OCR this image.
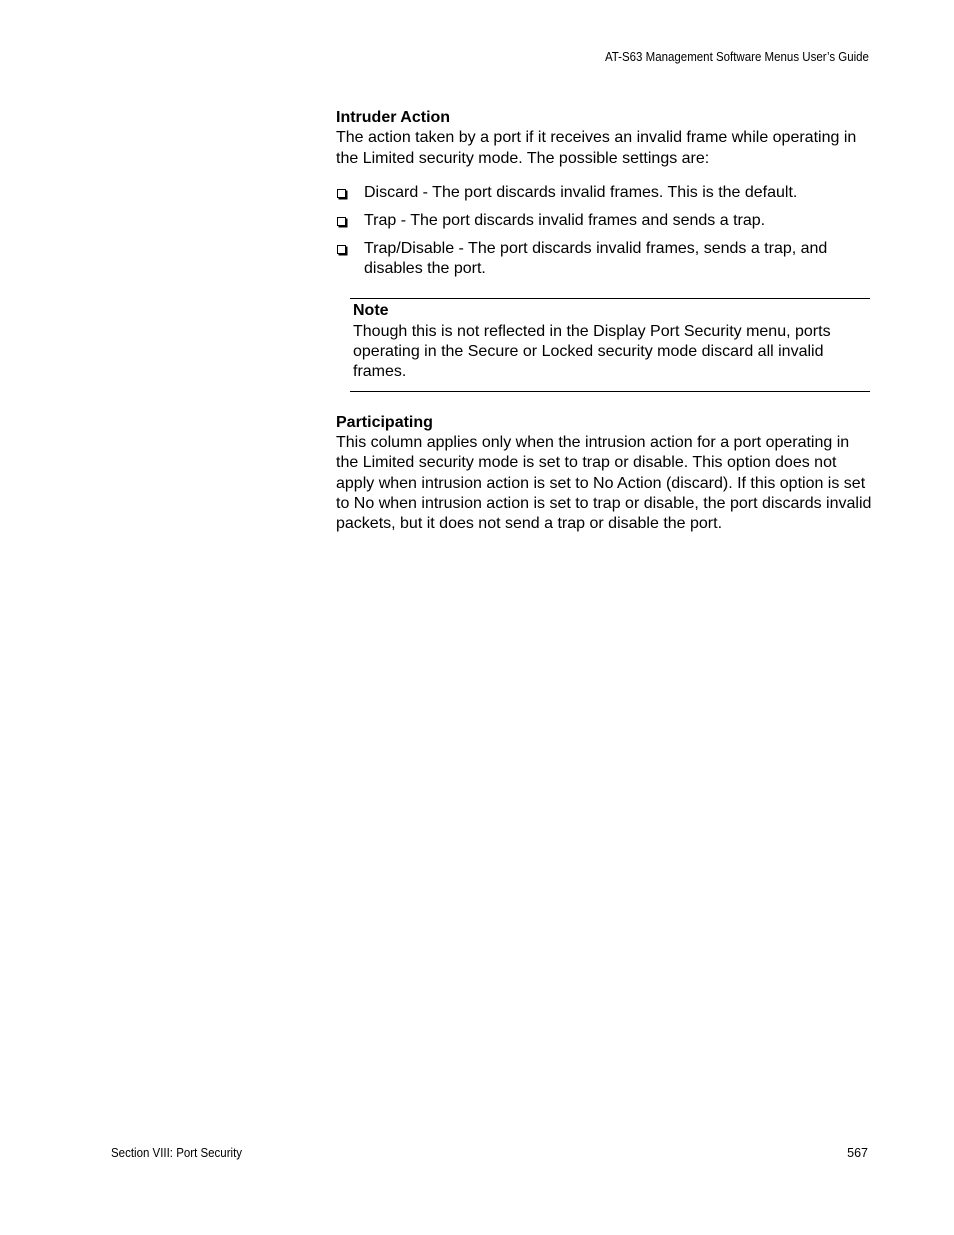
AT-S63 Management Software Menus User’s Guide
Intruder Action

The action taken by a port if it receives an invalid frame while operating in the Limited security mode. The possible settings are:

Discard - The port discards invalid frames. This is the default.
Trap - The port discards invalid frames and sends a trap.
Trap/Disable - The port discards invalid frames, sends a trap, and disables the port.
Note

Though this is not reflected in the Display Port Security menu, ports operating in the Secure or Locked security mode discard all invalid frames.

Participating

This column applies only when the intrusion action for a port operating in the Limited security mode is set to trap or disable. This option does not apply when intrusion action is set to No Action (discard). If this option is set to No when intrusion action is set to trap or disable, the port discards invalid packets, but it does not send a trap or disable the port.

Section VIII: Port Security	567
